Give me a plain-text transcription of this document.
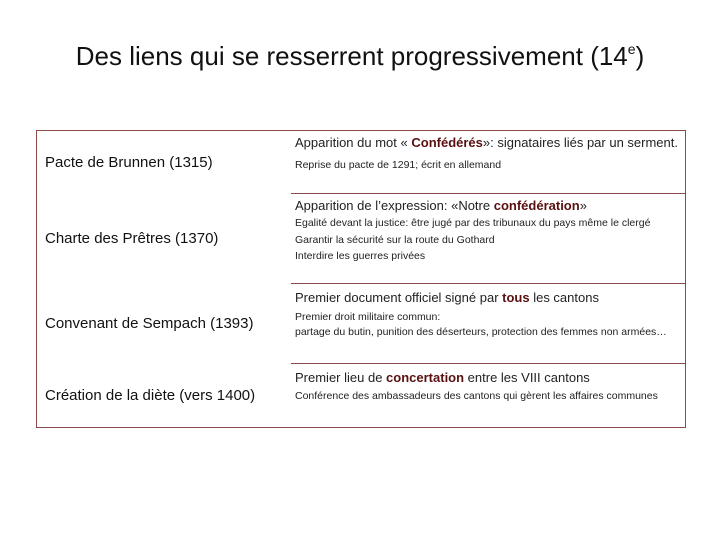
Des liens qui se resserrent progressivement (14e)
Pacte de Brunnen (1315)
Apparition du mot « Confédérés»: signataires liés par un serment.
Reprise du pacte de 1291; écrit en allemand
Charte des Prêtres (1370)
Apparition de l’expression: «Notre confédération»
Egalité devant la justice: être jugé par des tribunaux du pays même le clergé
Garantir la sécurité sur la route du Gothard
Interdire les guerres privées
Convenant de Sempach (1393)
Premier document officiel signé par tous les cantons
Premier droit militaire commun:
partage du butin, punition des déserteurs, protection des femmes non armées…
Création de la diète (vers 1400)
Premier lieu de concertation entre les VIII cantons
Conférence des ambassadeurs des cantons qui gèrent les affaires communes
